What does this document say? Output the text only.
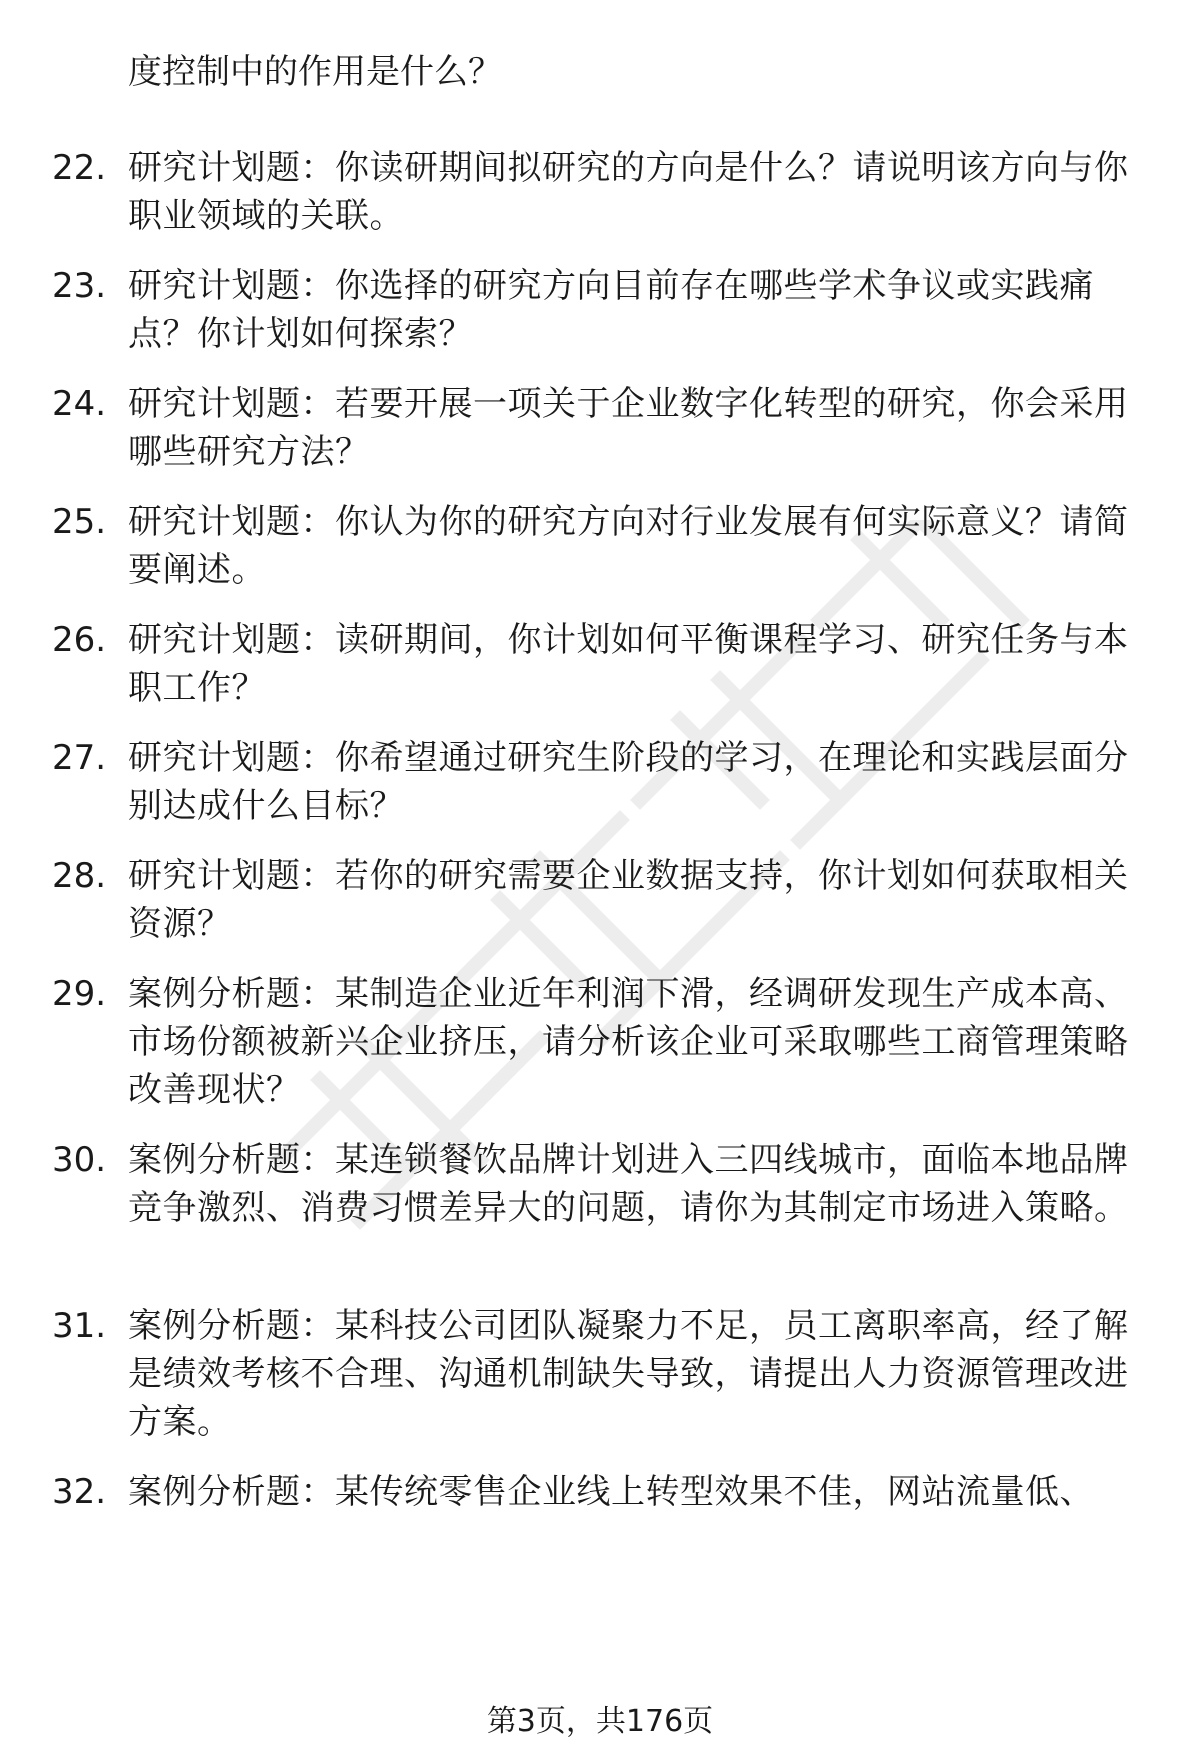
度控制中的作用是什么？
22. 研究计划题：你读研期间拟研究的方向是什么？请说明该方向与你职业领域的关联。
23. 研究计划题：你选择的研究方向目前存在哪些学术争议或实践痛点？你计划如何探索？
24. 研究计划题：若要开展一项关于企业数字化转型的研究，你会采用哪些研究方法？
25. 研究计划题：你认为你的研究方向对行业发展有何实际意义？请简要阐述。
26. 研究计划题：读研期间，你计划如何平衡课程学习、研究任务与本职工作？
27. 研究计划题：你希望通过研究生阶段的学习，在理论和实践层面分别达成什么目标？
28. 研究计划题：若你的研究需要企业数据支持，你计划如何获取相关资源？
29. 案例分析题：某制造企业近年利润下滑，经调研发现生产成本高、市场份额被新兴企业挤压，请分析该企业可采取哪些工商管理策略改善现状？
30. 案例分析题：某连锁餐饮品牌计划进入三四线城市，面临本地品牌竞争激烈、消费习惯差异大的问题，请你为其制定市场进入策略。
31. 案例分析题：某科技公司团队凝聚力不足，员工离职率高，经了解是绩效考核不合理、沟通机制缺失导致，请提出人力资源管理改进方案。
32. 案例分析题：某传统零售企业线上转型效果不佳，网站流量低、
第3页，共176页
